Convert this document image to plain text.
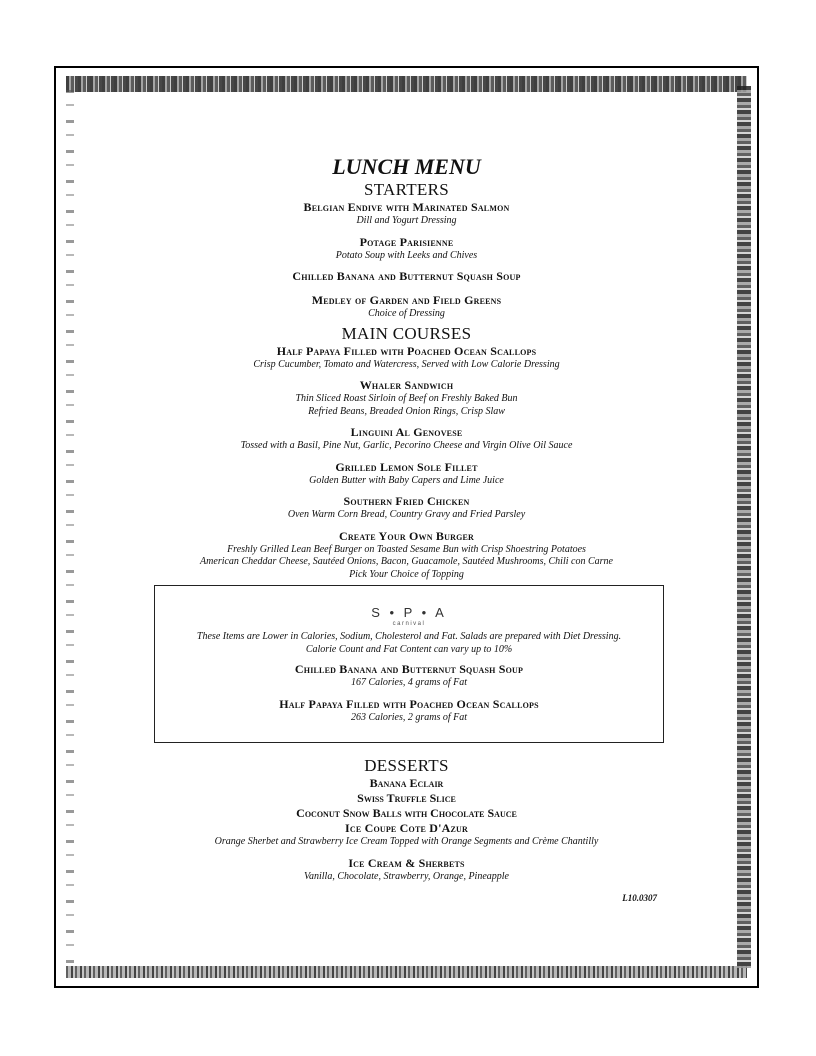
LUNCH MENU
STARTERS
Belgian Endive with Marinated Salmon
Dill and Yogurt Dressing
Potage Parisienne
Potato Soup with Leeks and Chives
Chilled Banana and Butternut Squash Soup
Medley of Garden and Field Greens
Choice of Dressing
MAIN COURSES
Half Papaya Filled with Poached Ocean Scallops
Crisp Cucumber, Tomato and Watercress, Served with Low Calorie Dressing
Whaler Sandwich
Thin Sliced Roast Sirloin of Beef on Freshly Baked Bun
Refried Beans, Breaded Onion Rings, Crisp Slaw
Linguini Al Genovese
Tossed with a Basil, Pine Nut, Garlic, Pecorino Cheese and Virgin Olive Oil Sauce
Grilled Lemon Sole Fillet
Golden Butter with Baby Capers and Lime Juice
Southern Fried Chicken
Oven Warm Corn Bread, Country Gravy and Fried Parsley
Create Your Own Burger
Freshly Grilled Lean Beef Burger on Toasted Sesame Bun with Crisp Shoestring Potatoes
American Cheddar Cheese, Sautéed Onions, Bacon, Guacamole, Sautéed Mushrooms, Chili con Carne
Pick Your Choice of Topping
S • P • A
carnival
These Items are Lower in Calories, Sodium, Cholesterol and Fat. Salads are prepared with Diet Dressing.
Calorie Count and Fat Content can vary up to 10%
Chilled Banana and Butternut Squash Soup
167 Calories, 4 grams of Fat
Half Papaya Filled with Poached Ocean Scallops
263 Calories, 2 grams of Fat
DESSERTS
Banana Eclair
Swiss Truffle Slice
Coconut Snow Balls with Chocolate Sauce
Ice Coupe Cote D'Azur
Orange Sherbet and Strawberry Ice Cream Topped with Orange Segments and Crème Chantilly
Ice Cream & Sherbets
Vanilla, Chocolate, Strawberry, Orange, Pineapple
L10.0307
